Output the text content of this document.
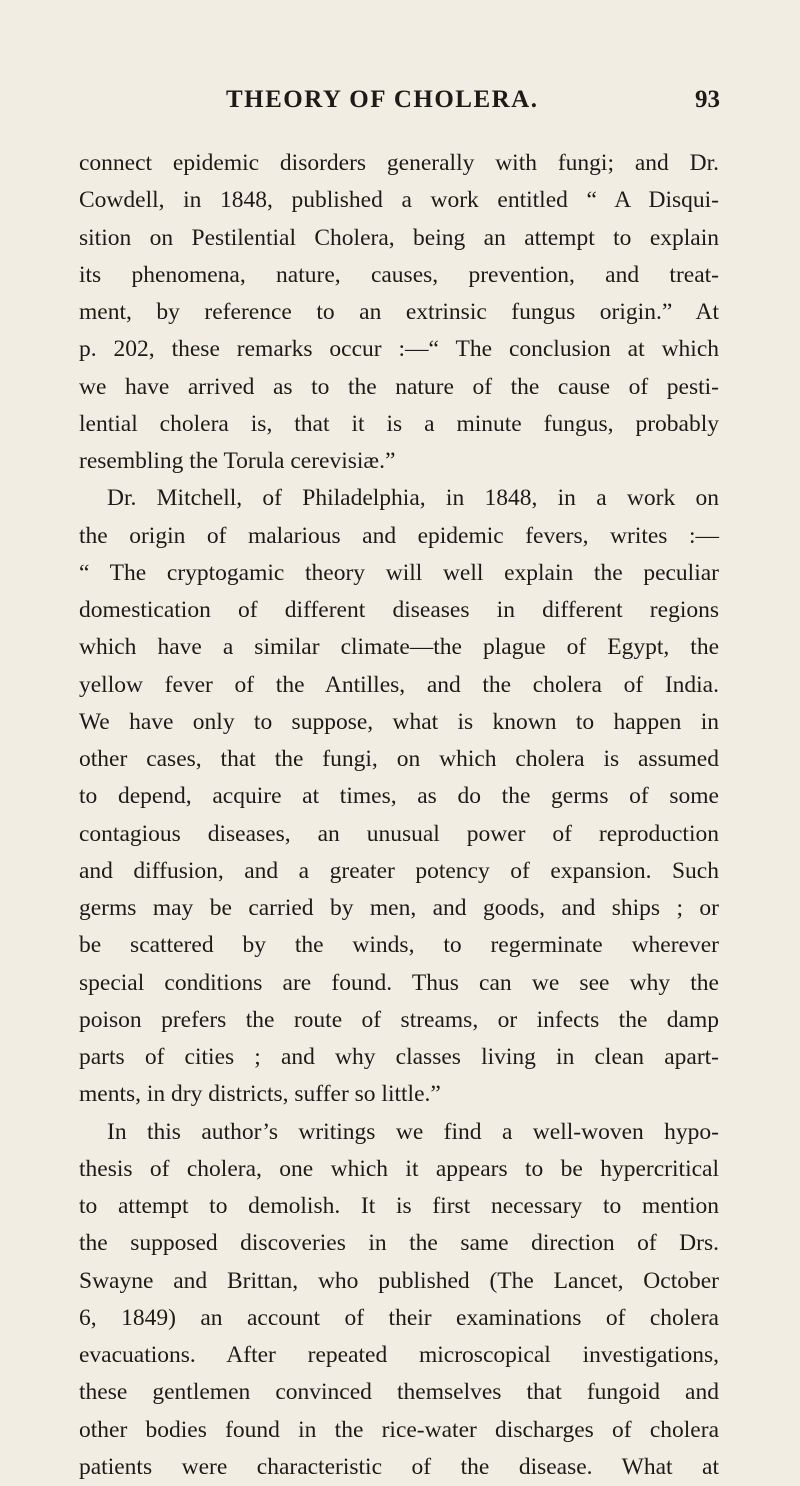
THEORY OF CHOLERA.	93
connect epidemic disorders generally with fungi; and Dr.
Cowdell, in 1848, published a work entitled “ A Disqui-
sition on Pestilential Cholera, being an attempt to explain
its phenomena, nature, causes, prevention, and treat-
ment, by reference to an extrinsic fungus origin.” At
p. 202, these remarks occur :—“ The conclusion at which
we have arrived as to the nature of the cause of pesti-
lential cholera is, that it is a minute fungus, probably
resembling the Torula cerevisiæ.”
Dr. Mitchell, of Philadelphia, in 1848, in a work on
the origin of malarious and epidemic fevers, writes :—
“ The cryptogamic theory will well explain the peculiar
domestication of different diseases in different regions
which have a similar climate—the plague of Egypt, the
yellow fever of the Antilles, and the cholera of India.
We have only to suppose, what is known to happen in
other cases, that the fungi, on which cholera is assumed
to depend, acquire at times, as do the germs of some
contagious diseases, an unusual power of reproduction
and diffusion, and a greater potency of expansion. Such
germs may be carried by men, and goods, and ships ; or
be scattered by the winds, to regerminate wherever
special conditions are found. Thus can we see why the
poison prefers the route of streams, or infects the damp
parts of cities ; and why classes living in clean apart-
ments, in dry districts, suffer so little.”
In this author’s writings we find a well-woven hypo-
thesis of cholera, one which it appears to be hypercritical
to attempt to demolish. It is first necessary to mention
the supposed discoveries in the same direction of Drs.
Swayne and Brittan, who published (The Lancet, October
6, 1849) an account of their examinations of cholera
evacuations. After repeated microscopical investigations,
these gentlemen convinced themselves that fungoid and
other bodies found in the rice-water discharges of cholera
patients were characteristic of the disease. What at
